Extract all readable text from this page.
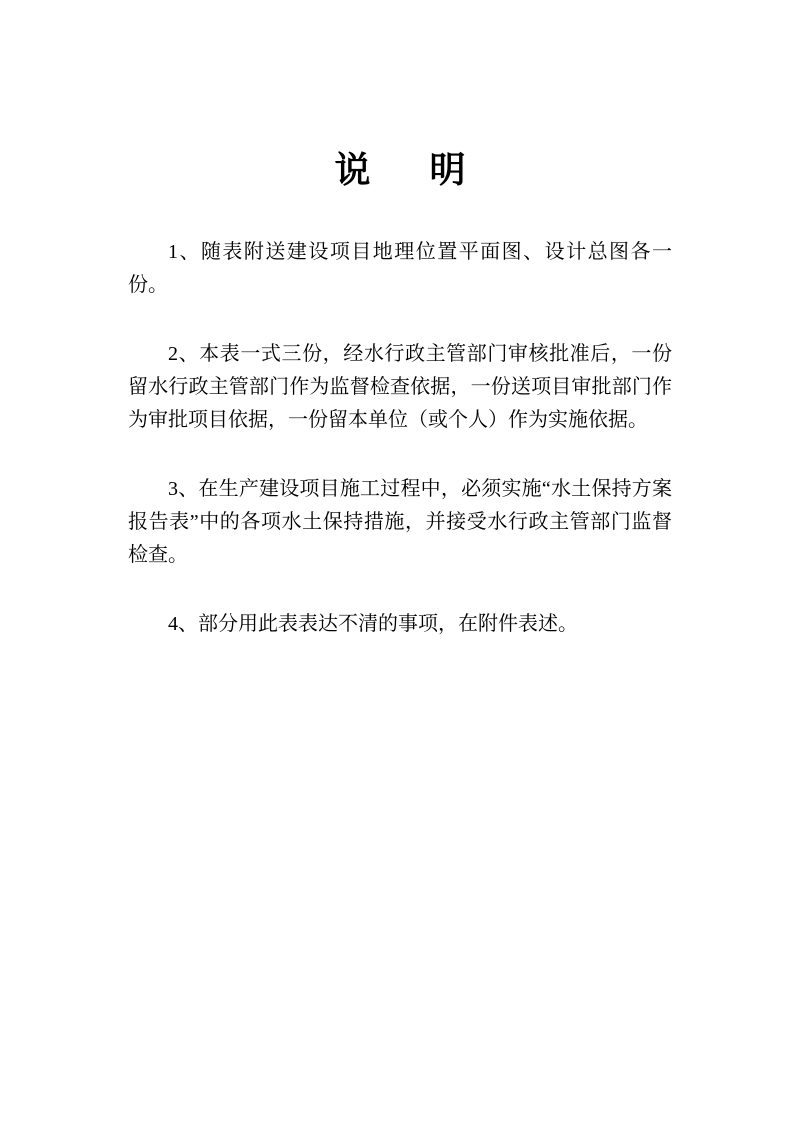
说　明

1、随表附送建设项目地理位置平面图、设计总图各一份。

2、本表一式三份，经水行政主管部门审核批准后，一份留水行政主管部门作为监督检查依据，一份送项目审批部门作为审批项目依据，一份留本单位（或个人）作为实施依据。

3、在生产建设项目施工过程中，必须实施“水土保持方案报告表”中的各项水土保持措施，并接受水行政主管部门监督检查。

4、部分用此表表达不清的事项，在附件表述。
